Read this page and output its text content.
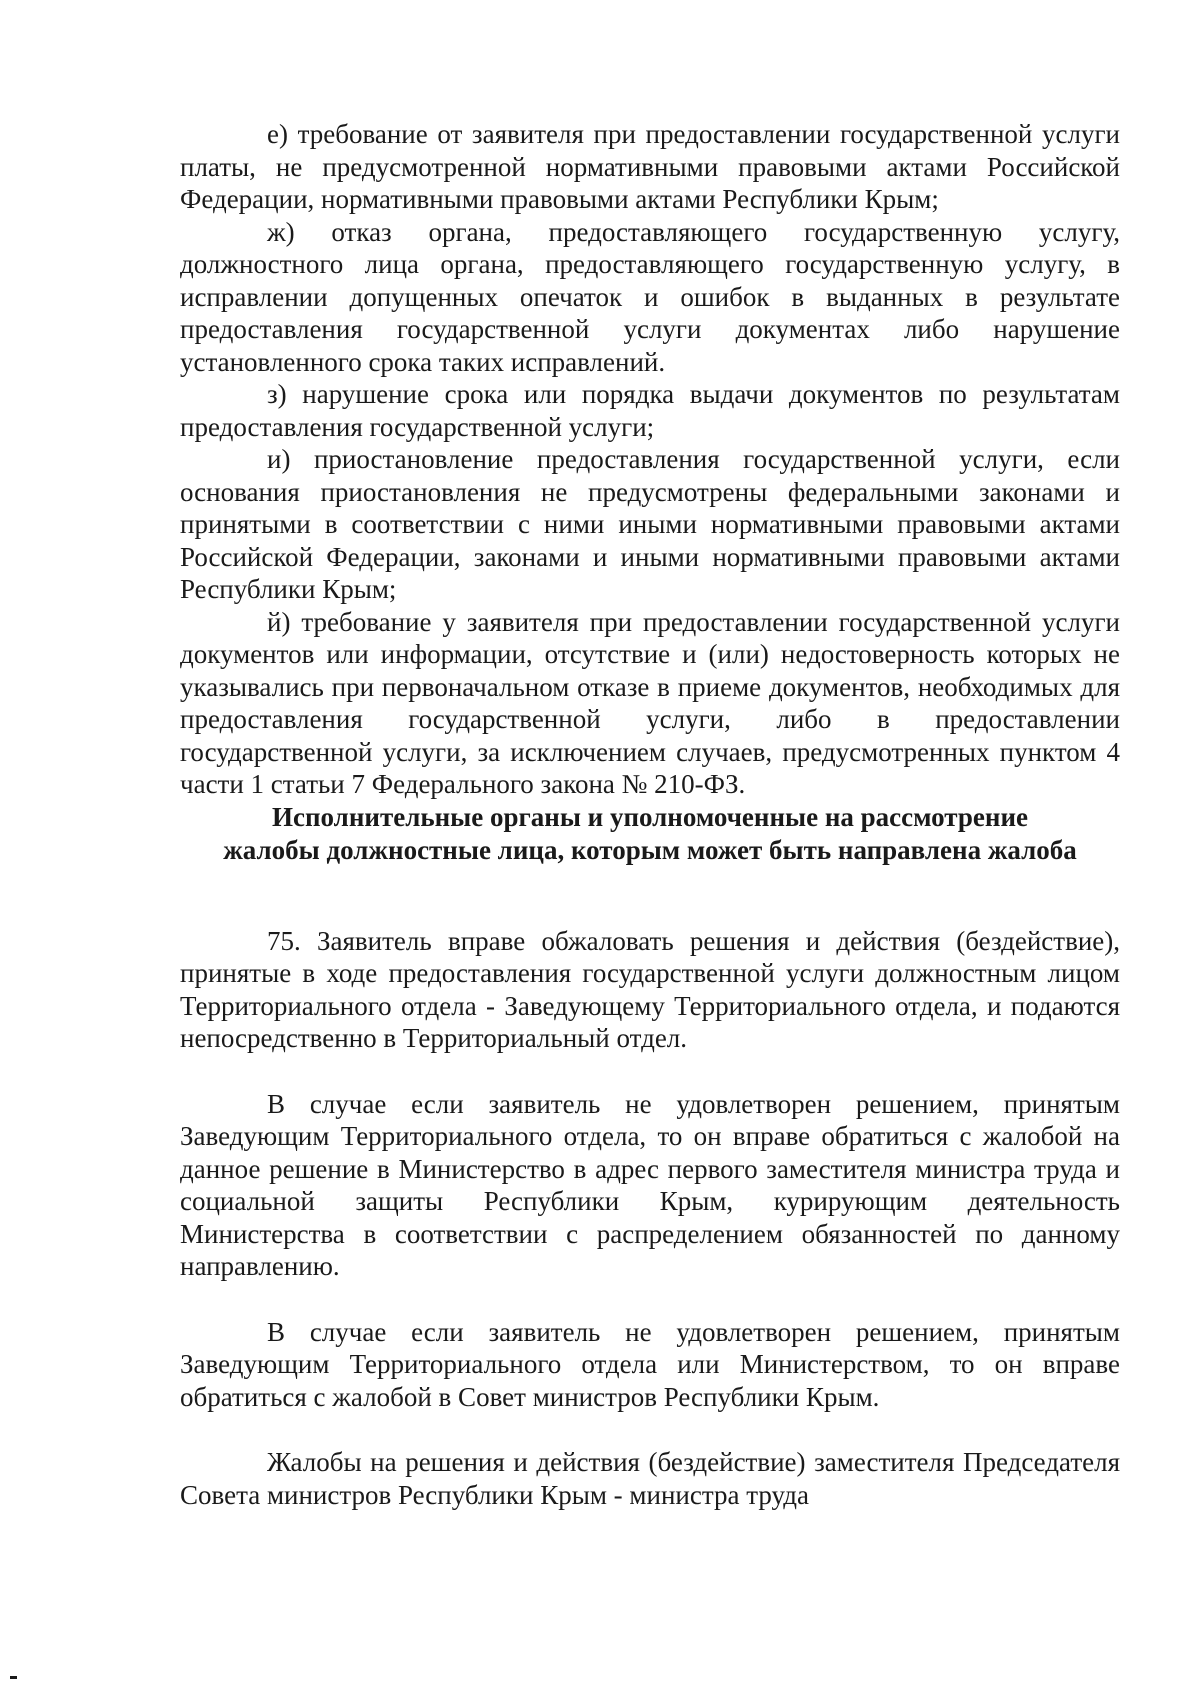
е) требование от заявителя при предоставлении государственной услуги платы, не предусмотренной нормативными правовыми актами Российской Федерации, нормативными правовыми актами Республики Крым;

ж) отказ органа, предоставляющего государственную услугу, должностного лица органа, предоставляющего государственную услугу, в исправлении допущенных опечаток и ошибок в выданных в результате предоставления государственной услуги документах либо нарушение установленного срока таких исправлений.

з) нарушение срока или порядка выдачи документов по результатам предоставления государственной услуги;

и) приостановление предоставления государственной услуги, если основания приостановления не предусмотрены федеральными законами и принятыми в соответствии с ними иными нормативными правовыми актами Российской Федерации, законами и иными нормативными правовыми актами Республики Крым;

й) требование у заявителя при предоставлении государственной услуги документов или информации, отсутствие и (или) недостоверность которых не указывались при первоначальном отказе в приеме документов, необходимых для предоставления государственной услуги, либо в предоставлении государственной услуги, за исключением случаев, предусмотренных пунктом 4 части 1 статьи 7 Федерального закона № 210-ФЗ.

Исполнительные органы и уполномоченные на рассмотрение
жалобы должностные лица, которым может быть направлена жалоба

75. Заявитель вправе обжаловать решения и действия (бездействие), принятые в ходе предоставления государственной услуги должностным лицом Территориального отдела - Заведующему Территориального отдела, и подаются непосредственно в Территориальный отдел.

В случае если заявитель не удовлетворен решением, принятым Заведующим Территориального отдела, то он вправе обратиться с жалобой на данное решение в Министерство в адрес первого заместителя министра труда и социальной защиты Республики Крым, курирующим деятельность Министерства в соответствии с распределением обязанностей по данному направлению.

В случае если заявитель не удовлетворен решением, принятым Заведующим Территориального отдела или Министерством, то он вправе обратиться с жалобой в Совет министров Республики Крым.

Жалобы на решения и действия (бездействие) заместителя Председателя Совета министров Республики Крым - министра труда
